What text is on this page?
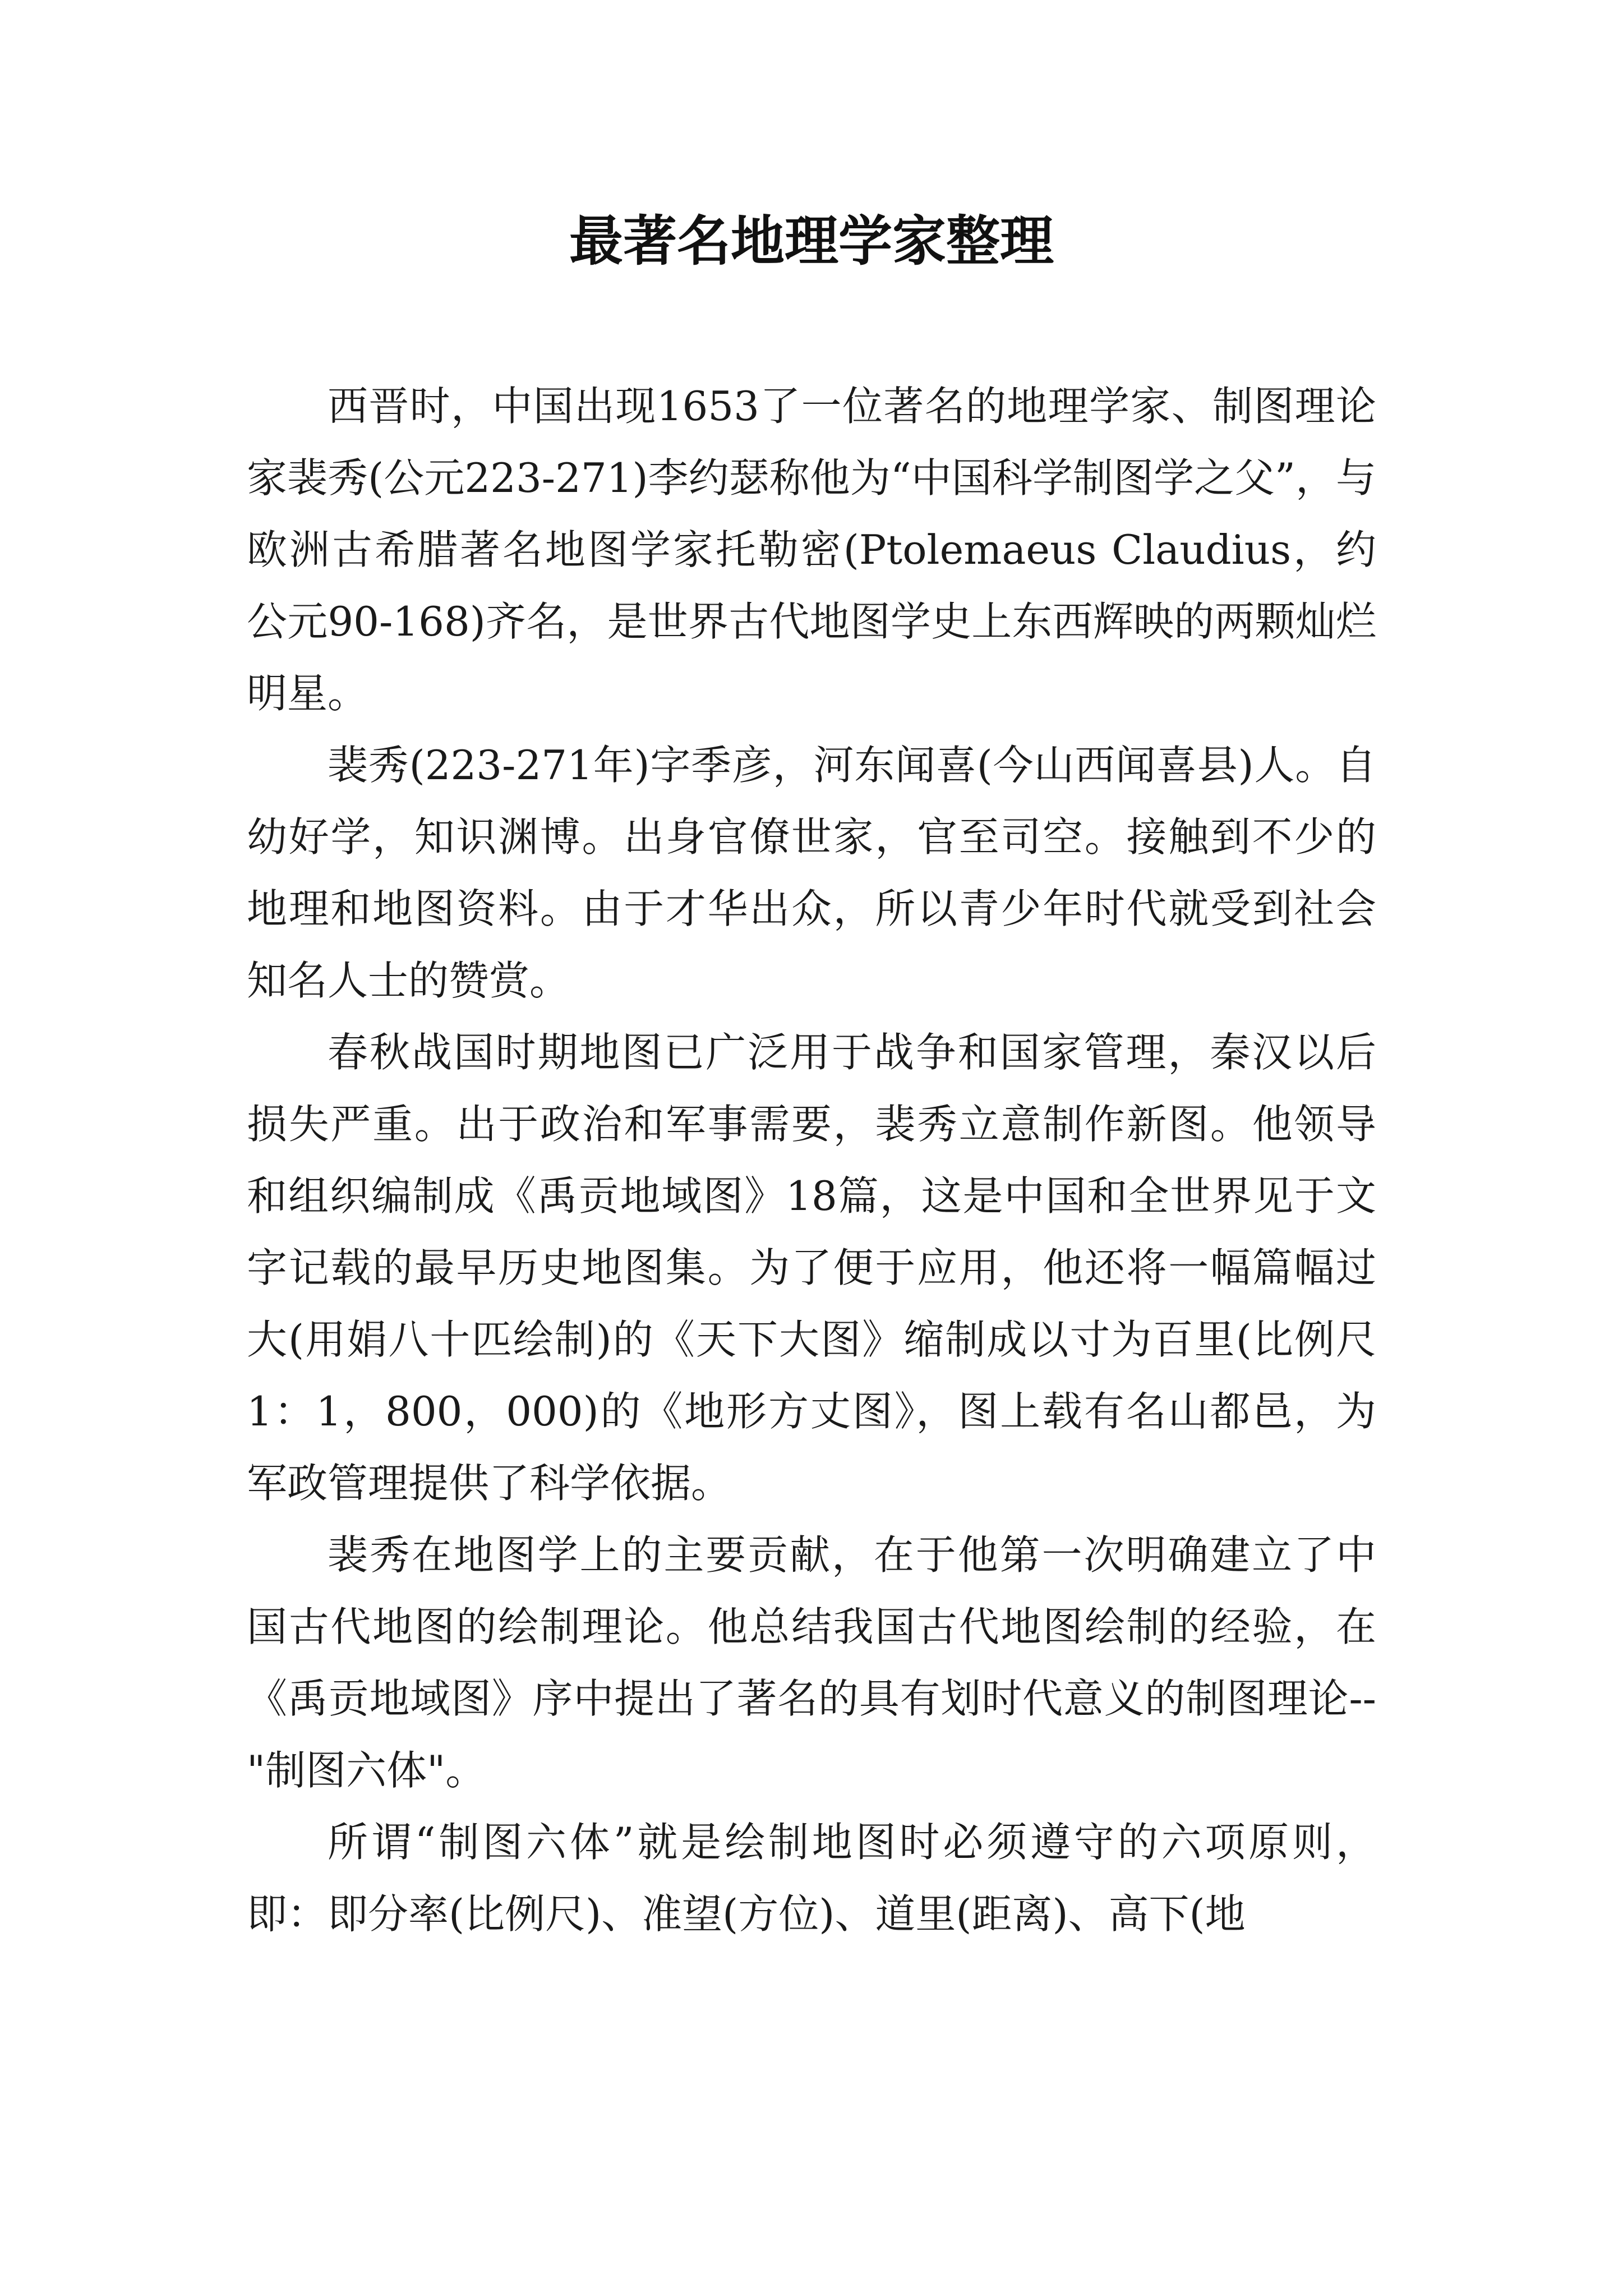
最著名地理学家整理

西晋时，中国出现1653了一位著名的地理学家、制图理论家裴秀(公元223-271)李约瑟称他为“中国科学制图学之父”，与欧洲古希腊著名地图学家托勒密(Ptolemaeus Claudius，约公元90-168)齐名，是世界古代地图学史上东西辉映的两颗灿烂明星。

裴秀(223-271年)字季彦，河东闻喜(今山西闻喜县)人。自幼好学，知识渊博。出身官僚世家，官至司空。接触到不少的地理和地图资料。由于才华出众，所以青少年时代就受到社会知名人士的赞赏。

春秋战国时期地图已广泛用于战争和国家管理，秦汉以后损失严重。出于政治和军事需要，裴秀立意制作新图。他领导和组织编制成《禹贡地域图》18篇，这是中国和全世界见于文字记载的最早历史地图集。为了便于应用，他还将一幅篇幅过大(用娟八十匹绘制)的《天下大图》缩制成以寸为百里(比例尺1：1，800，000)的《地形方丈图》，图上载有名山都邑，为军政管理提供了科学依据。

裴秀在地图学上的主要贡献，在于他第一次明确建立了中国古代地图的绘制理论。他总结我国古代地图绘制的经验，在《禹贡地域图》序中提出了著名的具有划时代意义的制图理论--"制图六体"。

所谓“制图六体”就是绘制地图时必须遵守的六项原则，即：即分率(比例尺)、准望(方位)、道里(距离)、高下(地
